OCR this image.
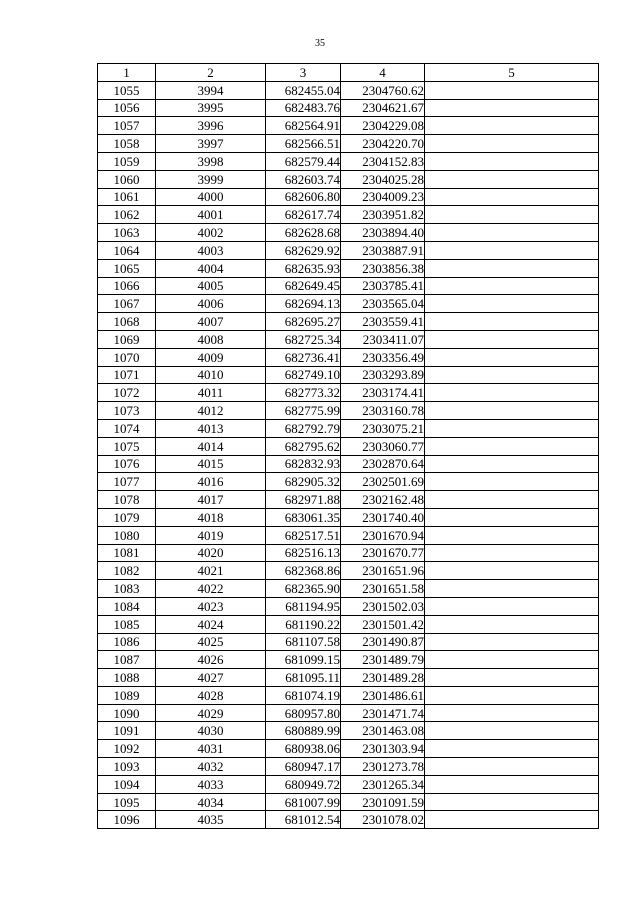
35
1	2	3	4	5
1055	3994	682455.04	2304760.62	
1056	3995	682483.76	2304621.67	
1057	3996	682564.91	2304229.08	
1058	3997	682566.51	2304220.70	
1059	3998	682579.44	2304152.83	
1060	3999	682603.74	2304025.28	
1061	4000	682606.80	2304009.23	
1062	4001	682617.74	2303951.82	
1063	4002	682628.68	2303894.40	
1064	4003	682629.92	2303887.91	
1065	4004	682635.93	2303856.38	
1066	4005	682649.45	2303785.41	
1067	4006	682694.13	2303565.04	
1068	4007	682695.27	2303559.41	
1069	4008	682725.34	2303411.07	
1070	4009	682736.41	2303356.49	
1071	4010	682749.10	2303293.89	
1072	4011	682773.32	2303174.41	
1073	4012	682775.99	2303160.78	
1074	4013	682792.79	2303075.21	
1075	4014	682795.62	2303060.77	
1076	4015	682832.93	2302870.64	
1077	4016	682905.32	2302501.69	
1078	4017	682971.88	2302162.48	
1079	4018	683061.35	2301740.40	
1080	4019	682517.51	2301670.94	
1081	4020	682516.13	2301670.77	
1082	4021	682368.86	2301651.96	
1083	4022	682365.90	2301651.58	
1084	4023	681194.95	2301502.03	
1085	4024	681190.22	2301501.42	
1086	4025	681107.58	2301490.87	
1087	4026	681099.15	2301489.79	
1088	4027	681095.11	2301489.28	
1089	4028	681074.19	2301486.61	
1090	4029	680957.80	2301471.74	
1091	4030	680889.99	2301463.08	
1092	4031	680938.06	2301303.94	
1093	4032	680947.17	2301273.78	
1094	4033	680949.72	2301265.34	
1095	4034	681007.99	2301091.59	
1096	4035	681012.54	2301078.02	
